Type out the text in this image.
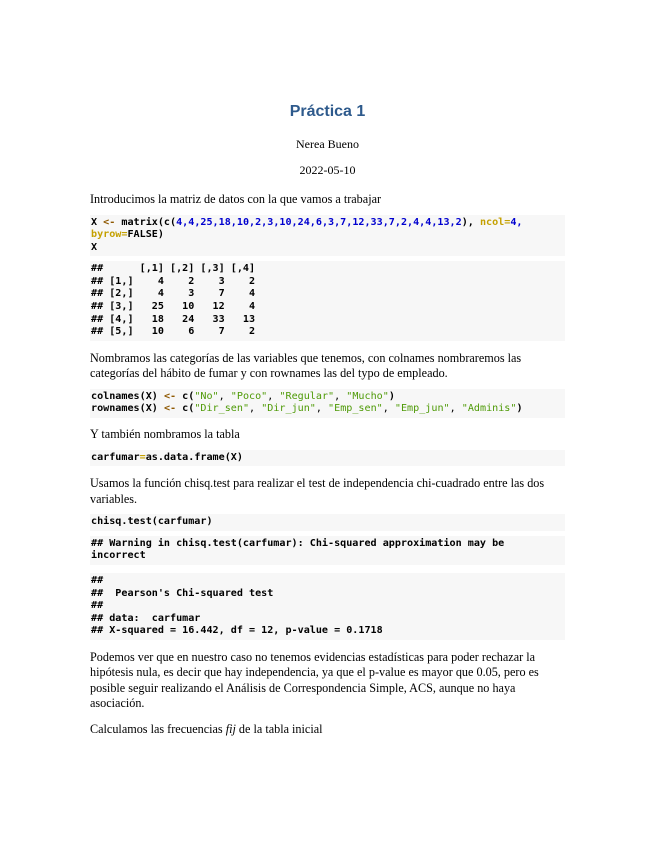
Práctica 1
Nerea Bueno
2022-05-10

Introducimos la matriz de datos con la que vamos a trabajar

X <- matrix(c(4,4,25,18,10,2,3,10,24,6,3,7,12,33,7,2,4,4,13,2), ncol=4,
byrow=FALSE)
X
##      [,1] [,2] [,3] [,4]
## [1,]    4    2    3    2
## [2,]    4    3    7    4
## [3,]   25   10   12    4
## [4,]   18   24   33   13
## [5,]   10    6    7    2

Nombramos las categorías de las variables que tenemos, con colnames nombraremos las categorías del hábito de fumar y con rownames las del typo de empleado.

colnames(X) <- c("No", "Poco", "Regular", "Mucho")
rownames(X) <- c("Dir_sen", "Dir_jun", "Emp_sen", "Emp_jun", "Adminis")

Y también nombramos la tabla

carfumar=as.data.frame(X)

Usamos la función chisq.test para realizar el test de independencia chi-cuadrado entre las dos variables.

chisq.test(carfumar)
## Warning in chisq.test(carfumar): Chi-squared approximation may be
incorrect
##
##  Pearson's Chi-squared test
##
## data:  carfumar
## X-squared = 16.442, df = 12, p-value = 0.1718

Podemos ver que en nuestro caso no tenemos evidencias estadísticas para poder rechazar la hipótesis nula, es decir que hay independencia, ya que el p-value es mayor que 0.05, pero es posible seguir realizando el Análisis de Correspondencia Simple, ACS, aunque no haya asociación.

Calculamos las frecuencias fij de la tabla inicial
